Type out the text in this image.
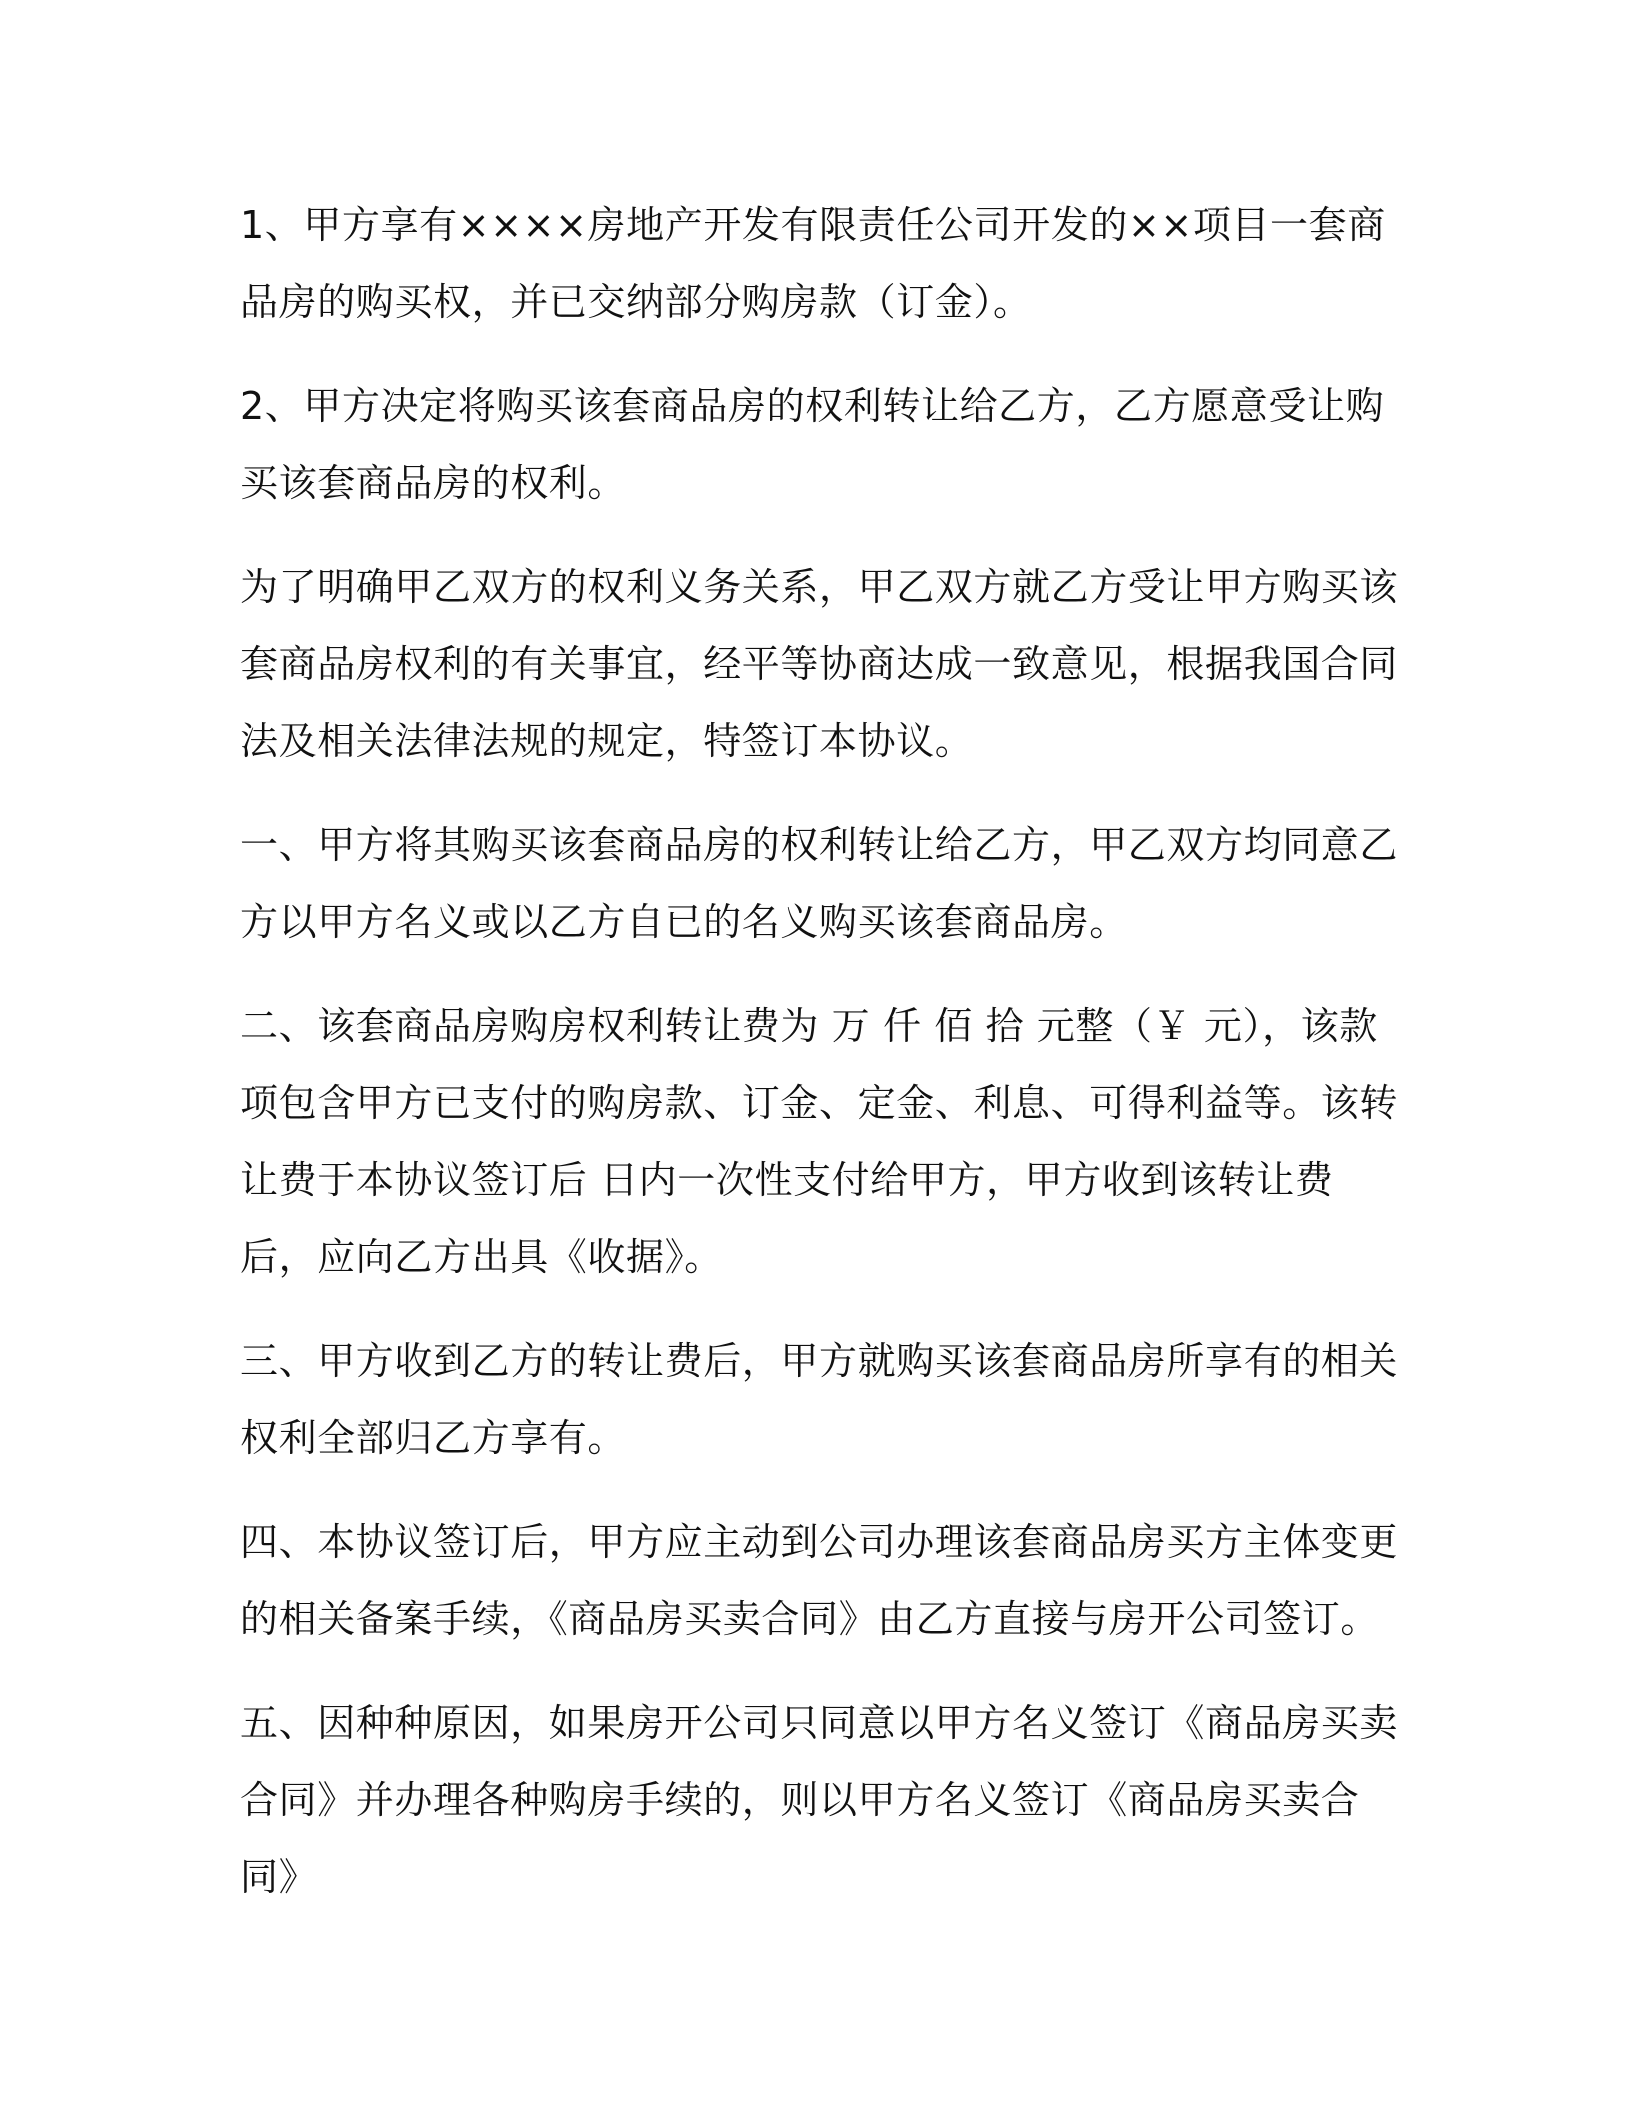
1、甲方享有××××房地产开发有限责任公司开发的××项目一套商品房的购买权，并已交纳部分购房款（订金）。

2、甲方决定将购买该套商品房的权利转让给乙方，乙方愿意受让购买该套商品房的权利。

为了明确甲乙双方的权利义务关系，甲乙双方就乙方受让甲方购买该套商品房权利的有关事宜，经平等协商达成一致意见，根据我国合同法及相关法律法规的规定，特签订本协议。

一、甲方将其购买该套商品房的权利转让给乙方，甲乙双方均同意乙方以甲方名义或以乙方自已的名义购买该套商品房。

二、该套商品房购房权利转让费为 万 仟 佰 拾 元整（￥ 元），该款项包含甲方已支付的购房款、订金、定金、利息、可得利益等。该转让费于本协议签订后 日内一次性支付给甲方，甲方收到该转让费后，应向乙方出具《收据》。

三、甲方收到乙方的转让费后，甲方就购买该套商品房所享有的相关权利全部归乙方享有。

四、本协议签订后，甲方应主动到公司办理该套商品房买方主体变更的相关备案手续，《商品房买卖合同》由乙方直接与房开公司签订。

五、因种种原因，如果房开公司只同意以甲方名义签订《商品房买卖合同》并办理各种购房手续的，则以甲方名义签订《商品房买卖合同》
